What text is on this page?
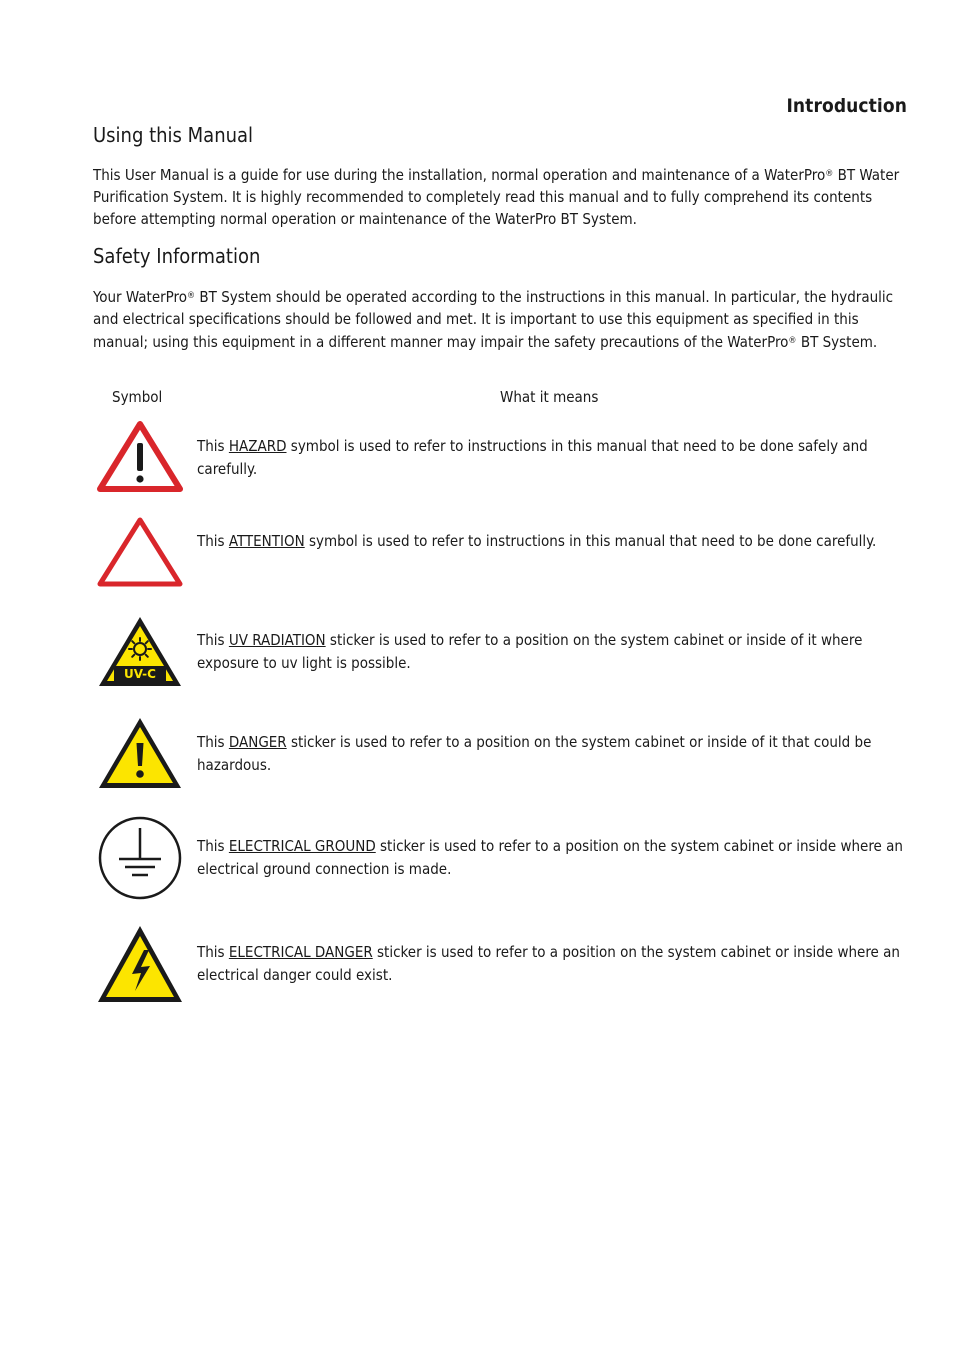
Introduction
Using this Manual

This User Manual is a guide for use during the installation, normal operation and maintenance of a WaterPro® BT Water Purification System. It is highly recommended to completely read this manual and to fully comprehend its contents before attempting normal operation or maintenance of the WaterPro BT System.

Safety Information

Your WaterPro® BT System should be operated according to the instructions in this manual. In particular, the hydraulic and electrical specifications should be followed and met. It is important to use this equipment as specified in this manual; using this equipment in a different manner may impair the safety precautions of the WaterPro® BT System.

Symbol	What it means

This HAZARD symbol is used to refer to instructions in this manual that need to be done safely and carefully.

This ATTENTION symbol is used to refer to instructions in this manual that need to be done carefully.

UV-C

This UV RADIATION sticker is used to refer to a position on the system cabinet or inside of it where exposure to uv light is possible.

This DANGER sticker is used to refer to a position on the system cabinet or inside of it that could be hazardous.

This ELECTRICAL GROUND sticker is used to refer to a position on the system cabinet or inside where an electrical ground connection is made.

This ELECTRICAL DANGER sticker is used to refer to a position on the system cabinet or inside where an electrical danger could exist.
